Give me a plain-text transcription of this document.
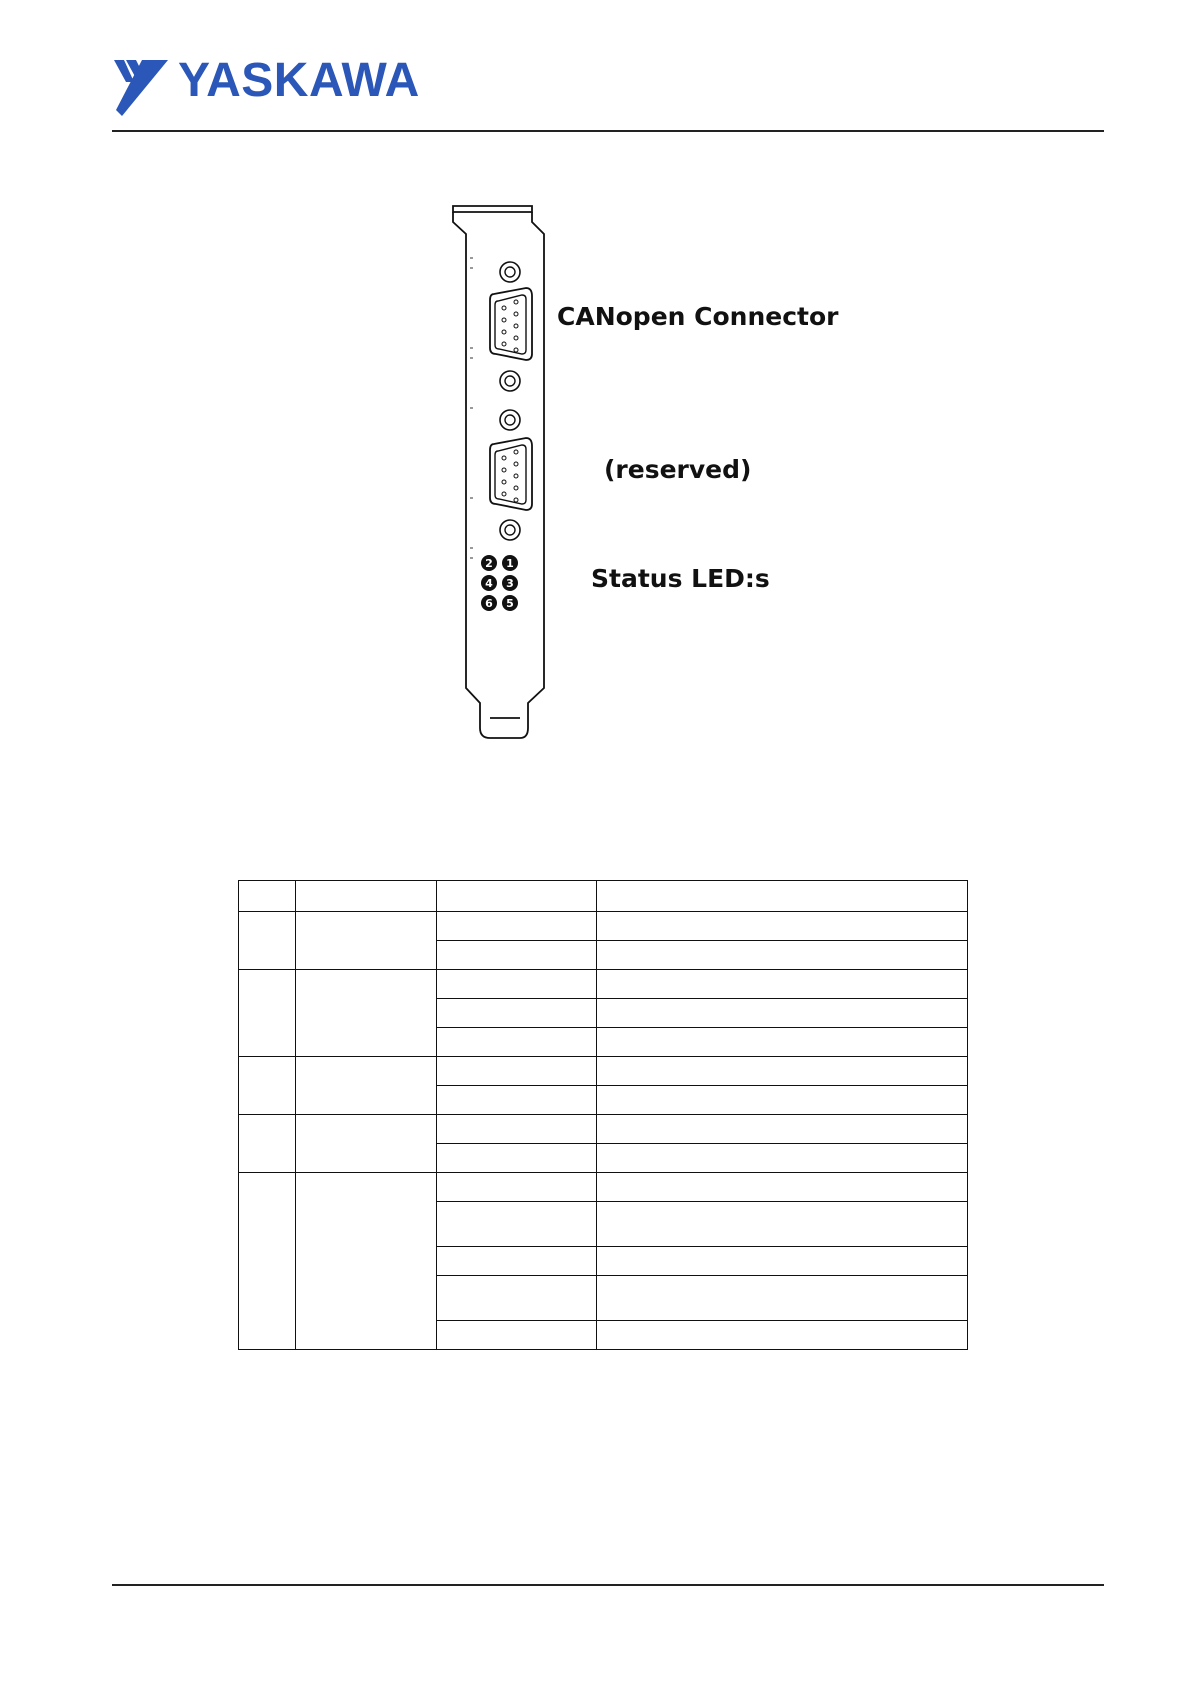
YASKAWA
2 1
4 3
6 5
CANopen Connector
(reserved)
Status LED:s
